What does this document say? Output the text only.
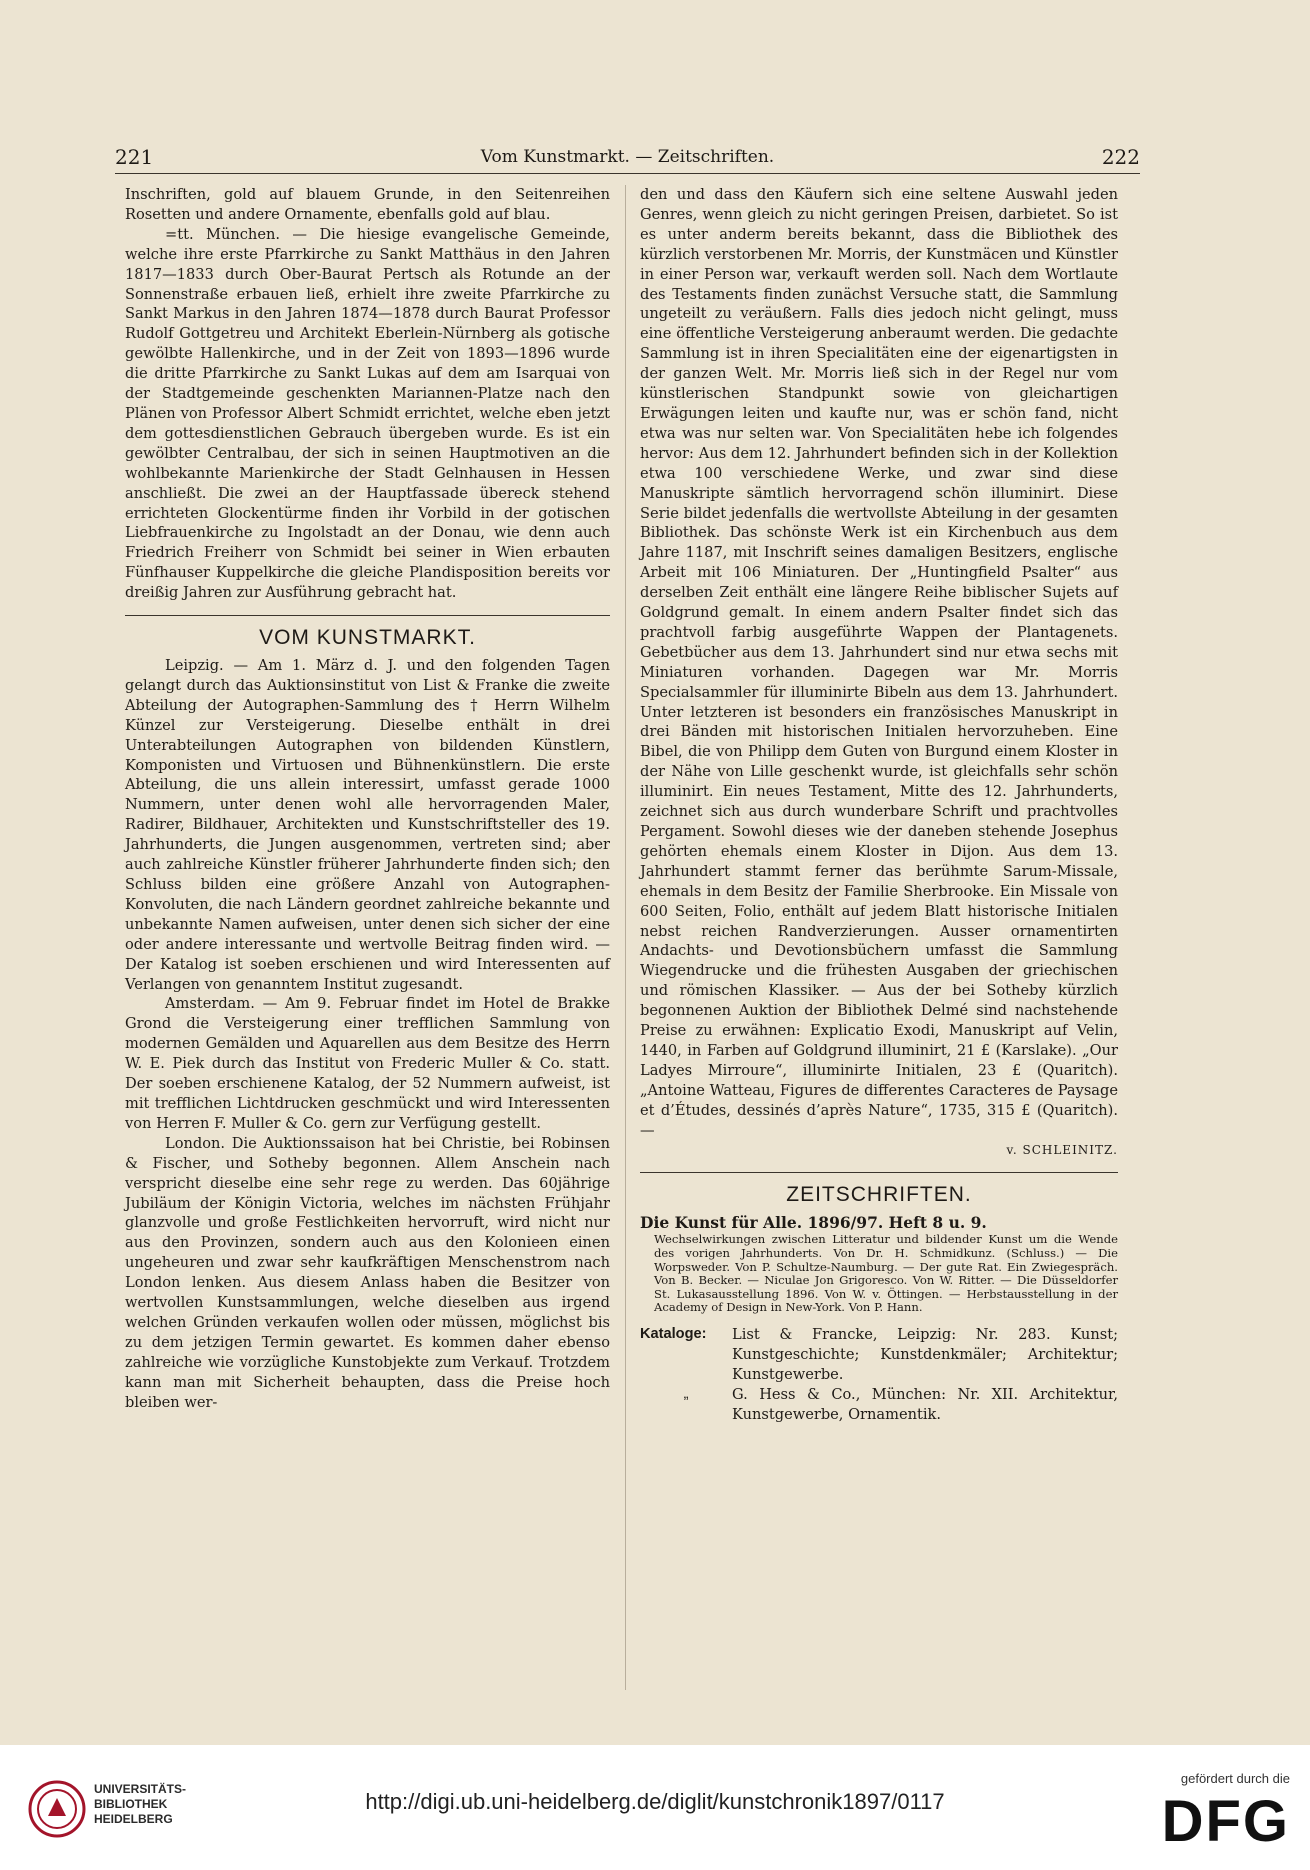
221	Vom Kunstmarkt. — Zeitschriften.	222

Inschriften, gold auf blauem Grunde, in den Seitenreihen Rosetten und andere Ornamente, ebenfalls gold auf blau.

=tt. München. — Die hiesige evangelische Gemeinde, welche ihre erste Pfarrkirche zu Sankt Matthäus in den Jahren 1817—1833 durch Ober-Baurat Pertsch als Rotunde an der Sonnenstraße erbauen ließ, erhielt ihre zweite Pfarrkirche zu Sankt Markus in den Jahren 1874—1878 durch Baurat Professor Rudolf Gottgetreu und Architekt Eberlein-Nürnberg als gotische gewölbte Hallenkirche, und in der Zeit von 1893—1896 wurde die dritte Pfarrkirche zu Sankt Lukas auf dem am Isarquai von der Stadtgemeinde geschenkten Mariannen-Platze nach den Plänen von Professor Albert Schmidt errichtet, welche eben jetzt dem gottesdienstlichen Gebrauch übergeben wurde. Es ist ein gewölbter Centralbau, der sich in seinen Hauptmotiven an die wohlbekannte Marienkirche der Stadt Gelnhausen in Hessen anschließt. Die zwei an der Hauptfassade übereck stehend errichteten Glockentürme finden ihr Vorbild in der gotischen Liebfrauenkirche zu Ingolstadt an der Donau, wie denn auch Friedrich Freiherr von Schmidt bei seiner in Wien erbauten Fünfhauser Kuppelkirche die gleiche Plandisposition bereits vor dreißig Jahren zur Ausführung gebracht hat.

VOM KUNSTMARKT.

Leipzig. — Am 1. März d. J. und den folgenden Tagen gelangt durch das Auktionsinstitut von List & Franke die zweite Abteilung der Autographen-Sammlung des † Herrn Wilhelm Künzel zur Versteigerung. Dieselbe enthält in drei Unterabteilungen Autographen von bildenden Künstlern, Komponisten und Virtuosen und Bühnenkünstlern. Die erste Abteilung, die uns allein interessirt, umfasst gerade 1000 Nummern, unter denen wohl alle hervorragenden Maler, Radirer, Bildhauer, Architekten und Kunstschriftsteller des 19. Jahrhunderts, die Jungen ausgenommen, vertreten sind; aber auch zahlreiche Künstler früherer Jahrhunderte finden sich; den Schluss bilden eine größere Anzahl von Autographen-Konvoluten, die nach Ländern geordnet zahlreiche bekannte und unbekannte Namen aufweisen, unter denen sich sicher der eine oder andere interessante und wertvolle Beitrag finden wird. — Der Katalog ist soeben erschienen und wird Interessenten auf Verlangen von genanntem Institut zugesandt.

Amsterdam. — Am 9. Februar findet im Hotel de Brakke Grond die Versteigerung einer trefflichen Sammlung von modernen Gemälden und Aquarellen aus dem Besitze des Herrn W. E. Piek durch das Institut von Frederic Muller & Co. statt. Der soeben erschienene Katalog, der 52 Nummern aufweist, ist mit trefflichen Lichtdrucken geschmückt und wird Interessenten von Herren F. Muller & Co. gern zur Verfügung gestellt.

London. Die Auktionssaison hat bei Christie, bei Robinsen & Fischer, und Sotheby begonnen. Allem Anschein nach verspricht dieselbe eine sehr rege zu werden. Das 60jährige Jubiläum der Königin Victoria, welches im nächsten Frühjahr glanzvolle und große Festlichkeiten hervorruft, wird nicht nur aus den Provinzen, sondern auch aus den Kolonieen einen ungeheuren und zwar sehr kaufkräftigen Menschenstrom nach London lenken. Aus diesem Anlass haben die Besitzer von wertvollen Kunstsammlungen, welche dieselben aus irgend welchen Gründen verkaufen wollen oder müssen, möglichst bis zu dem jetzigen Termin gewartet. Es kommen daher ebenso zahlreiche wie vorzügliche Kunstobjekte zum Verkauf. Trotzdem kann man mit Sicherheit behaupten, dass die Preise hoch bleiben wer-

den und dass den Käufern sich eine seltene Auswahl jeden Genres, wenn gleich zu nicht geringen Preisen, darbietet. So ist es unter anderm bereits bekannt, dass die Bibliothek des kürzlich verstorbenen Mr. Morris, der Kunstmäcen und Künstler in einer Person war, verkauft werden soll. Nach dem Wortlaute des Testaments finden zunächst Versuche statt, die Sammlung ungeteilt zu veräußern. Falls dies jedoch nicht gelingt, muss eine öffentliche Versteigerung anberaumt werden. Die gedachte Sammlung ist in ihren Specialitäten eine der eigenartigsten in der ganzen Welt. Mr. Morris ließ sich in der Regel nur vom künstlerischen Standpunkt sowie von gleichartigen Erwägungen leiten und kaufte nur, was er schön fand, nicht etwa was nur selten war. Von Specialitäten hebe ich folgendes hervor: Aus dem 12. Jahrhundert befinden sich in der Kollektion etwa 100 verschiedene Werke, und zwar sind diese Manuskripte sämtlich hervorragend schön illuminirt. Diese Serie bildet jedenfalls die wertvollste Abteilung in der gesamten Bibliothek. Das schönste Werk ist ein Kirchenbuch aus dem Jahre 1187, mit Inschrift seines damaligen Besitzers, englische Arbeit mit 106 Miniaturen. Der „Huntingfield Psalter“ aus derselben Zeit enthält eine längere Reihe biblischer Sujets auf Goldgrund gemalt. In einem andern Psalter findet sich das prachtvoll farbig ausgeführte Wappen der Plantagenets. Gebetbücher aus dem 13. Jahrhundert sind nur etwa sechs mit Miniaturen vorhanden. Dagegen war Mr. Morris Specialsammler für illuminirte Bibeln aus dem 13. Jahrhundert. Unter letzteren ist besonders ein französisches Manuskript in drei Bänden mit historischen Initialen hervorzuheben. Eine Bibel, die von Philipp dem Guten von Burgund einem Kloster in der Nähe von Lille geschenkt wurde, ist gleichfalls sehr schön illuminirt. Ein neues Testament, Mitte des 12. Jahrhunderts, zeichnet sich aus durch wunderbare Schrift und prachtvolles Pergament. Sowohl dieses wie der daneben stehende Josephus gehörten ehemals einem Kloster in Dijon. Aus dem 13. Jahrhundert stammt ferner das berühmte Sarum-Missale, ehemals in dem Besitz der Familie Sherbrooke. Ein Missale von 600 Seiten, Folio, enthält auf jedem Blatt historische Initialen nebst reichen Randverzierungen. Ausser ornamentirten Andachts- und Devotionsbüchern umfasst die Sammlung Wiegendrucke und die frühesten Ausgaben der griechischen und römischen Klassiker. — Aus der bei Sotheby kürzlich begonnenen Auktion der Bibliothek Delmé sind nachstehende Preise zu erwähnen: Explicatio Exodi, Manuskript auf Velin, 1440, in Farben auf Goldgrund illuminirt, 21 £ (Karslake). „Our Ladyes Mirroure“, illuminirte Initialen, 23 £ (Quaritch). „Antoine Watteau, Figures de differentes Caracteres de Paysage et d’Études, dessinés d’après Nature“, 1735, 315 £ (Quaritch). —

v. SCHLEINITZ.
ZEITSCHRIFTEN.
Die Kunst für Alle. 1896/97. Heft 8 u. 9.
Wechselwirkungen zwischen Litteratur und bildender Kunst um die Wende des vorigen Jahrhunderts. Von Dr. H. Schmidkunz. (Schluss.) — Die Worpsweder. Von P. Schultze-Naumburg. — Der gute Rat. Ein Zwiegespräch. Von B. Becker. — Niculae Jon Grigoresco. Von W. Ritter. — Die Düsseldorfer St. Lukasausstellung 1896. Von W. v. Öttingen. — Herbstausstellung in der Academy of Design in New-York. Von P. Hann.
Kataloge:	List & Francke, Leipzig: Nr. 283. Kunst; Kunstgeschichte; Kunstdenkmäler; Architektur; Kunstgewerbe.
„	G. Hess & Co., München: Nr. XII. Architektur, Kunstgewerbe, Ornamentik.
UNIVERSITÄTS-
BIBLIOTHEK
HEIDELBERG
http://digi.ub.uni-heidelberg.de/diglit/kunstchronik1897/0117
gefördert durch die
DFG
